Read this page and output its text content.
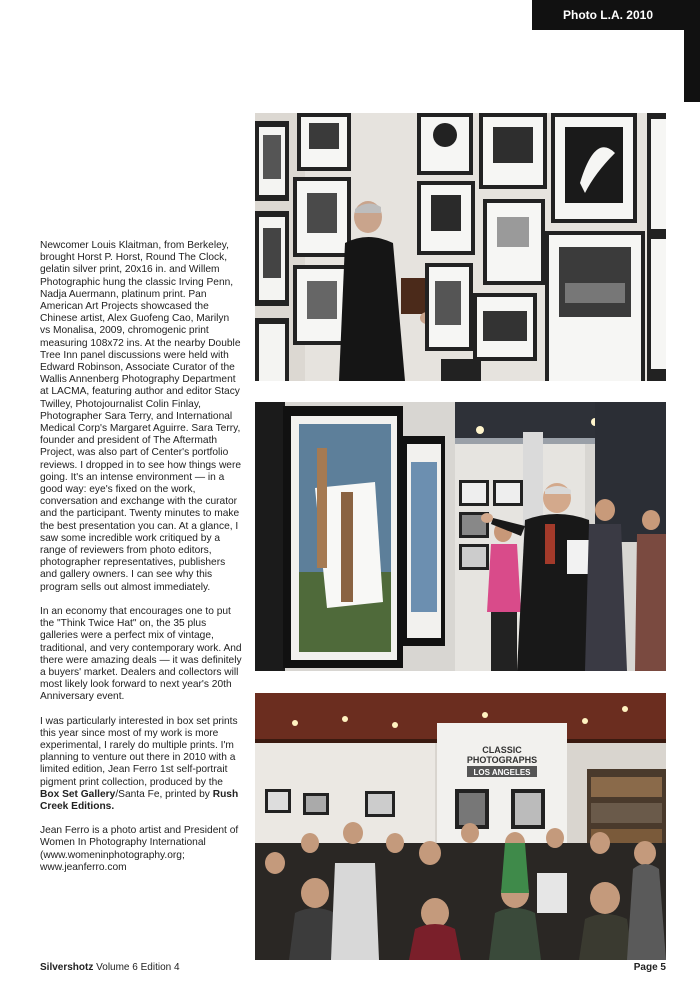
Photo L.A. 2010

Newcomer Louis Klaitman, from Berkeley, brought Horst P. Horst, Round The Clock, gelatin silver print, 20x16 in. and Willem Photographic hung the classic Irving Penn, Nadja Auermann, platinum print. Pan American Art Projects showcased the Chinese artist, Alex Guofeng Cao, Marilyn vs Monalisa, 2009, chromogenic print measuring 108x72 ins. At the nearby Double Tree Inn panel discussions were held with Edward Robinson, Associate Curator of the Wallis Annenberg Photography Department at LACMA, featuring author and editor Stacy Twilley, Photojournalist Colin Finlay, Photographer Sara Terry, and International Medical Corp's Margaret Aguirre. Sara Terry, founder and president of The Aftermath Project, was also part of Center's portfolio reviews. I dropped in to see how things were going. It's an intense environment — in a good way: eye's fixed on the work, conversation and exchange with the curator and the participant. Twenty minutes to make the best presentation you can. At a glance, I saw some incredible work critiqued by a range of reviewers from photo editors, photographer representatives, publishers and gallery owners. I can see why this program sells out almost immediately.

In an economy that encourages one to put the "Think Twice Hat" on, the 35 plus galleries were a perfect mix of vintage, traditional, and very contemporary work. And there were amazing deals — it was definitely a buyers' market. Dealers and collectors will most likely look forward to next year's 20th Anniversary event.

I was particularly interested in box set prints this year since most of my work is more experimental, I rarely do multiple prints. I'm planning to venture out there in 2010 with a limited edition, Jean Ferro 1st self-portrait pigment print collection, produced by the Box Set Gallery/Santa Fe, printed by Rush Creek Editions.

Jean Ferro is a photo artist and President of Women In Photography International (www.womeninphotography.org; www.jeanferro.com

CLASSIC
PHOTOGRAPHS
LOS ANGELES
Silvershotz Volume 6 Edition 4	Page 5
